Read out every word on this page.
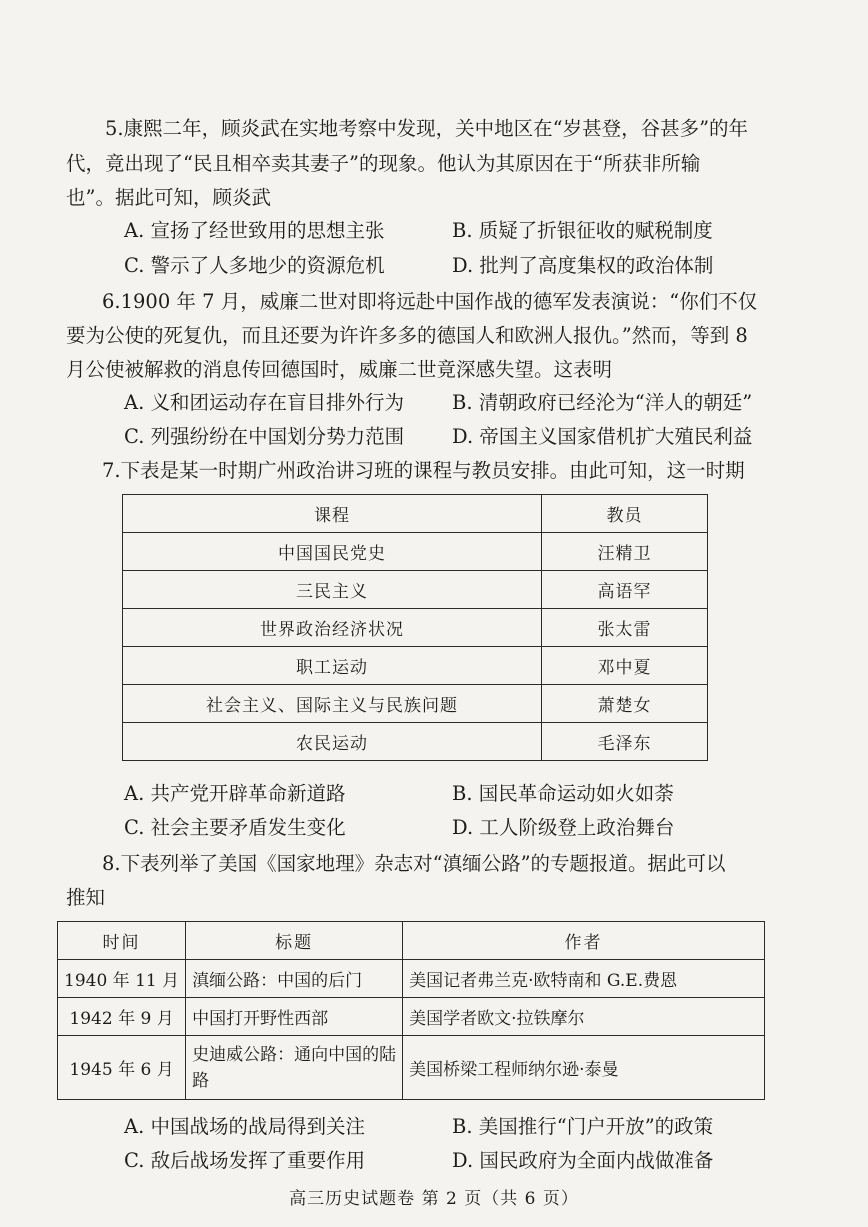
5.康熙二年，顾炎武在实地考察中发现，关中地区在“岁甚登，谷甚多”的年
代，竟出现了“民且相卒卖其妻子”的现象。他认为其原因在于“所获非所输
也”。据此可知，顾炎武
A. 宣扬了经世致用的思想主张	B. 质疑了折银征收的赋税制度
C. 警示了人多地少的资源危机	D. 批判了高度集权的政治体制
6.1900 年 7 月，威廉二世对即将远赴中国作战的德军发表演说：“你们不仅
要为公使的死复仇，而且还要为许许多多的德国人和欧洲人报仇。”然而，等到 8
月公使被解救的消息传回德国时，威廉二世竟深感失望。这表明
A. 义和团运动存在盲目排外行为 B. 清朝政府已经沦为“洋人的朝廷”
C. 列强纷纷在中国划分势力范围 D. 帝国主义国家借机扩大殖民利益
7.下表是某一时期广州政治讲习班的课程与教员安排。由此可知，这一时期
课程	教员
中国国民党史	汪精卫
三民主义	高语罕
世界政治经济状况	张太雷
职工运动	邓中夏
社会主义、国际主义与民族问题	萧楚女
农民运动	毛泽东
A. 共产党开辟革命新道路	B. 国民革命运动如火如荼
C. 社会主要矛盾发生变化	D. 工人阶级登上政治舞台
8.下表列举了美国《国家地理》杂志对“滇缅公路”的专题报道。据此可以
推知
时间	标题	作者
1940 年 11 月	滇缅公路：中国的后门	美国记者弗兰克·欧特南和 G.E.费恩
1942 年 9 月	中国打开野性西部	美国学者欧文·拉铁摩尔
1945 年 6 月	史迪威公路：通向中国的陆路	美国桥梁工程师纳尔逊·泰曼
A. 中国战场的战局得到关注	B. 美国推行“门户开放”的政策
C. 敌后战场发挥了重要作用	D. 国民政府为全面内战做准备
高三历史试题卷 第 2 页（共 6 页）
